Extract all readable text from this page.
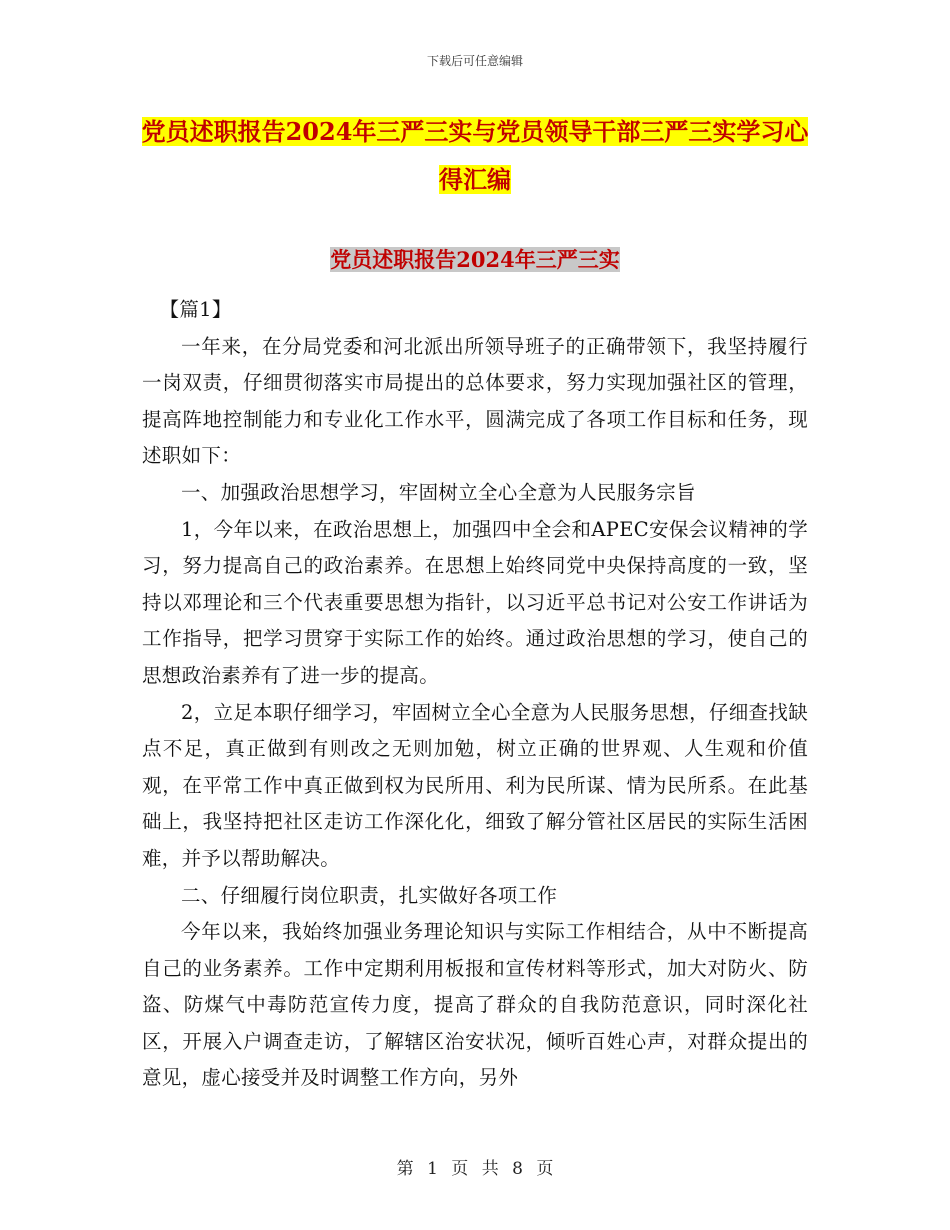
下载后可任意编辑
党员述职报告2024年三严三实与党员领导干部三严三实学习心得汇编
党员述职报告2024年三严三实

【篇1】

一年来，在分局党委和河北派出所领导班子的正确带领下，我坚持履行一岗双责，仔细贯彻落实市局提出的总体要求，努力实现加强社区的管理，提高阵地控制能力和专业化工作水平，圆满完成了各项工作目标和任务，现述职如下：

一、加强政治思想学习，牢固树立全心全意为人民服务宗旨

1，今年以来，在政治思想上，加强四中全会和APEC安保会议精神的学习，努力提高自己的政治素养。在思想上始终同党中央保持高度的一致，坚持以邓理论和三个代表重要思想为指针，以习近平总书记对公安工作讲话为工作指导，把学习贯穿于实际工作的始终。通过政治思想的学习，使自己的思想政治素养有了进一步的提高。

2，立足本职仔细学习，牢固树立全心全意为人民服务思想，仔细查找缺点不足，真正做到有则改之无则加勉，树立正确的世界观、人生观和价值观，在平常工作中真正做到权为民所用、利为民所谋、情为民所系。在此基础上，我坚持把社区走访工作深化化，细致了解分管社区居民的实际生活困难，并予以帮助解决。

二、仔细履行岗位职责，扎实做好各项工作

今年以来，我始终加强业务理论知识与实际工作相结合，从中不断提高自己的业务素养。工作中定期利用板报和宣传材料等形式，加大对防火、防盗、防煤气中毒防范宣传力度，提高了群众的自我防范意识，同时深化社区，开展入户调查走访，了解辖区治安状况，倾听百姓心声，对群众提出的意见，虚心接受并及时调整工作方向，另外

第 1 页 共 8 页
